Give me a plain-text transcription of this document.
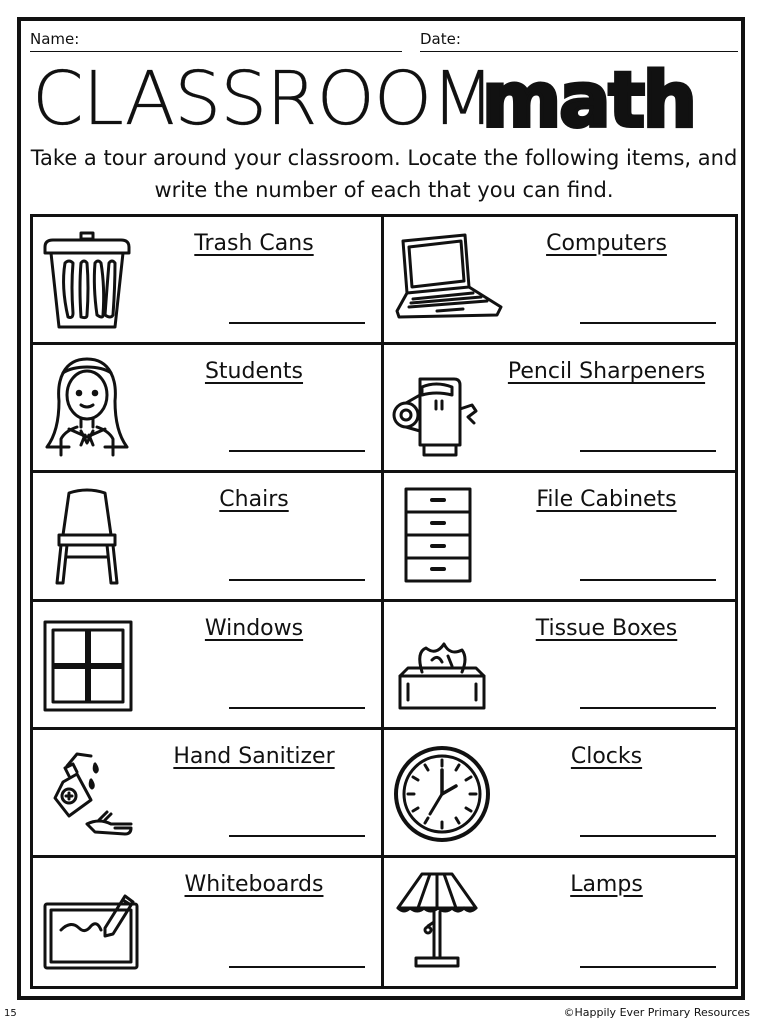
Name:	Date:
CLASSROOM
math
Take a tour around your classroom. Locate the following items, and write the number of each that you can find.
Trash Cans	Computers
Students	Pencil Sharpeners
Chairs	File Cabinets
Windows	Tissue Boxes
Hand Sanitizer	Clocks
Whiteboards	Lamps
15	©Happily Ever Primary Resources
